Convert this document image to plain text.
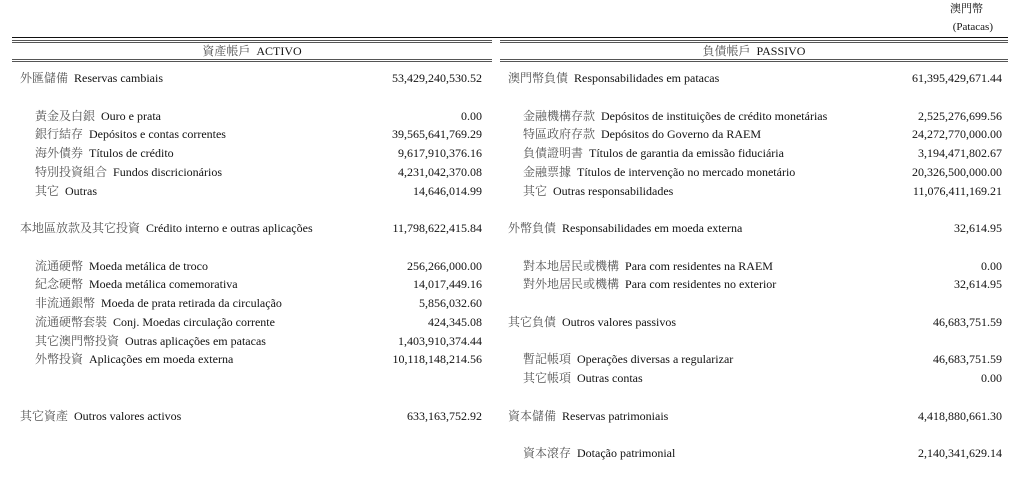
澳門幣
(Patacas)
資產帳戶 ACTIVO
外匯儲備 Reservas cambiais	53,429,240,530.52
黃金及白銀 Ouro e prata	0.00
銀行結存 Depósitos e contas correntes	39,565,641,769.29
海外債券 Títulos de crédito	9,617,910,376.16
特別投資組合 Fundos discricionários	4,231,042,370.08
其它 Outras	14,646,014.99
本地區放款及其它投資 Crédito interno e outras aplicações	11,798,622,415.84
流通硬幣 Moeda metálica de troco	256,266,000.00
紀念硬幣 Moeda metálica comemorativa	14,017,449.16
非流通銀幣 Moeda de prata retirada da circulação	5,856,032.60
流通硬幣套裝 Conj. Moedas circulação corrente	424,345.08
其它澳門幣投資 Outras aplicações em patacas	1,403,910,374.44
外幣投資 Aplicações em moeda externa	10,118,148,214.56
其它資產 Outros valores activos	633,163,752.92
負債帳戶 PASSIVO
澳門幣負債 Responsabilidades em patacas	61,395,429,671.44
金融機構存款 Depósitos de instituições de crédito monetárias	2,525,276,699.56
特區政府存款 Depósitos do Governo da RAEM	24,272,770,000.00
負債證明書 Títulos de garantia da emissão fiduciária	3,194,471,802.67
金融票據 Títulos de intervenção no mercado monetário	20,326,500,000.00
其它 Outras responsabilidades	11,076,411,169.21
外幣負債 Responsabilidades em moeda externa	32,614.95
對本地居民或機構 Para com residentes na RAEM	0.00
對外地居民或機構 Para com residentes no exterior	32,614.95
其它負債 Outros valores passivos	46,683,751.59
暫記帳項 Operações diversas a regularizar	46,683,751.59
其它帳項 Outras contas	0.00
資本儲備 Reservas patrimoniais	4,418,880,661.30
資本滾存 Dotação patrimonial	2,140,341,629.14
